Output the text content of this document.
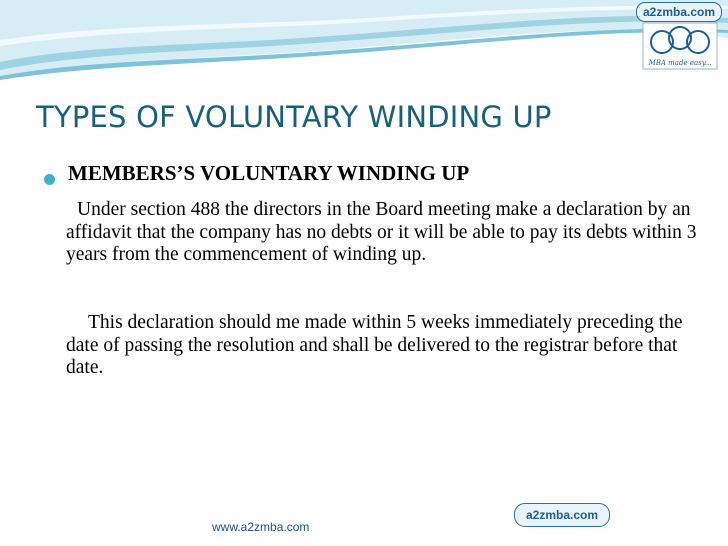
a2zmba.com
MBA made easy...
TYPES OF VOLUNTARY WINDING UP
MEMBERS’S VOLUNTARY WINDING UP

Under section 488 the directors in the Board meeting make a declaration by an affidavit that the company has no debts or it will be able to pay its debts within 3 years from the commencement of winding up.

This declaration should me made within 5 weeks immediately preceding the date of passing the resolution and shall be delivered to the registrar before that date.

www.a2zmba.com
a2zmba.com
